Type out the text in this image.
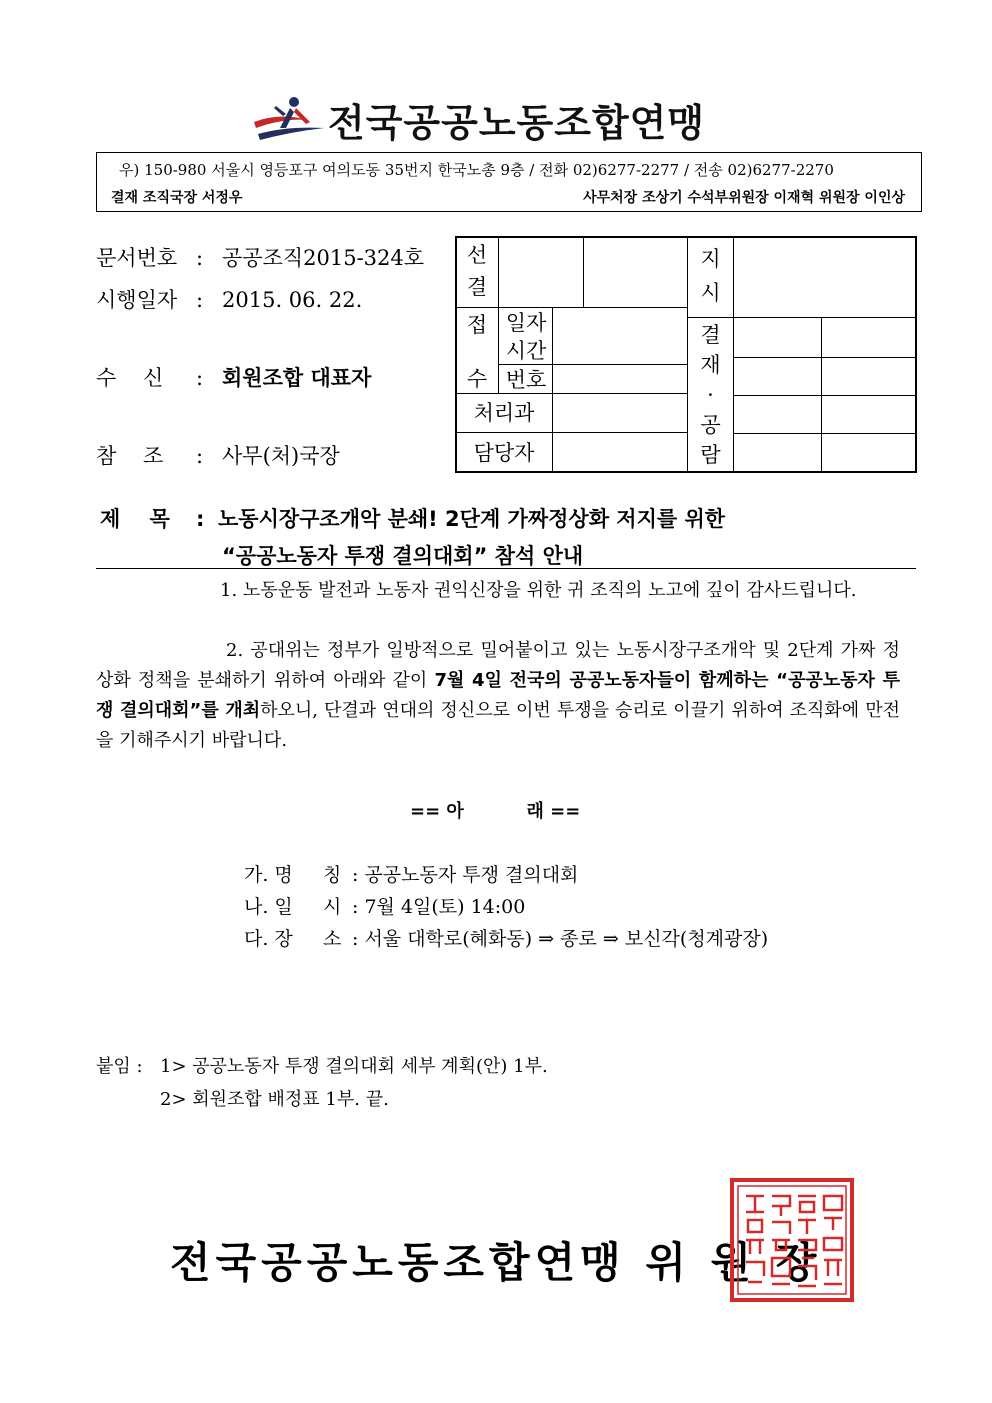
전국공공노동조합연맹
우) 150-980 서울시 영등포구 여의도동 35번지 한국노총 9층 / 전화 02)6277-2277 / 전송 02)6277-2270
결재 조직국장 서정우	사무처장 조상기 수석부위원장 이재혁 위원장 이인상
문서번호 : 공공조직2015-324호
시행일자 : 2015. 06. 22.
수    신 : 회원조합 대표자
참    조 : 사무(처)국장
선
결
접
수
일자
시간
번호
처리과
담당자
지
시
결
재
·
공
람
제    목 : 노동시장구조개악 분쇄! 2단계 가짜정상화 저지를 위한
“공공노동자 투쟁 결의대회” 참석 안내
1. 노동운동 발전과 노동자 권익신장을 위한 귀 조직의 노고에 깊이 감사드립니다.
2. 공대위는 정부가 일방적으로 밀어붙이고 있는 노동시장구조개악 및 2단계 가짜 정상화 정책을 분쇄하기 위하여 아래와 같이 7월 4일 전국의 공공노동자들이 함께하는 “공공노동자 투쟁 결의대회”를 개최하오니, 단결과 연대의 정신으로 이번 투쟁을 승리로 이끌기 위하여 조직화에 만전을 기해주시기 바랍니다.
== 아          래 ==
가. 명     칭 : 공공노동자 투쟁 결의대회
나. 일     시 : 7월 4일(토) 14:00
다. 장     소 : 서울 대학로(혜화동) ⇒ 종로 ⇒ 보신각(청계광장)
붙임 : 1> 공공노동자 투쟁 결의대회 세부 계획(안) 1부.
2> 회원조합 배정표 1부. 끝.
전국공공노동조합연맹 위 원 장
